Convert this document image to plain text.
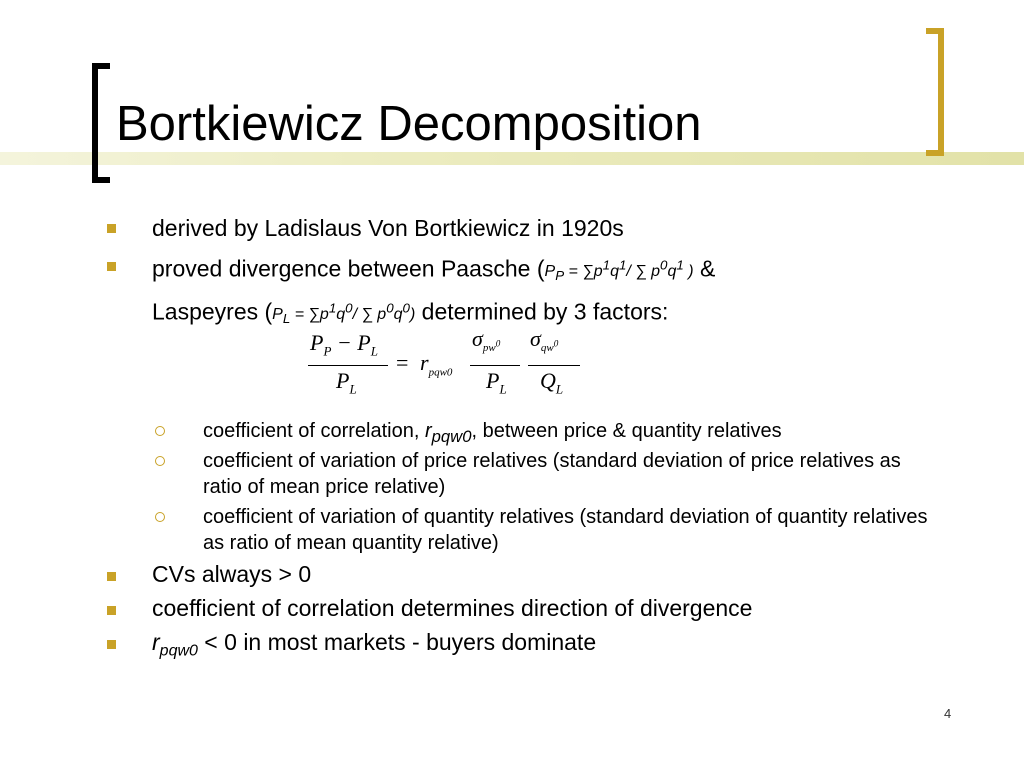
Bortkiewicz Decomposition
derived by Ladislaus Von Bortkiewicz in 1920s
proved divergence between Paasche ($P_P = \sum p^1q^1/$ ∑ $p^0q^1$ ) &
Laspeyres ($P_L = \sum p^1q^0/$ ∑ $p^0q^0$) determined by 3 factors:
$P_P - P_L$
$P_L$
= $r_{pqw0}$
$\sigma_{pw^0}$
$P_L$
$\sigma_{qw^0}$
$Q_L$
coefficient of correlation, $r_{pqw0}$, between price & quantity relatives
coefficient of variation of price relatives (standard deviation of price relatives as ratio of mean price relative)
coefficient of variation of quantity relatives (standard deviation of quantity relatives as ratio of mean quantity relative)
CVs always > 0
coefficient of correlation determines direction of divergence
$r_{pqw0} < 0$ in most markets - buyers dominate
4
